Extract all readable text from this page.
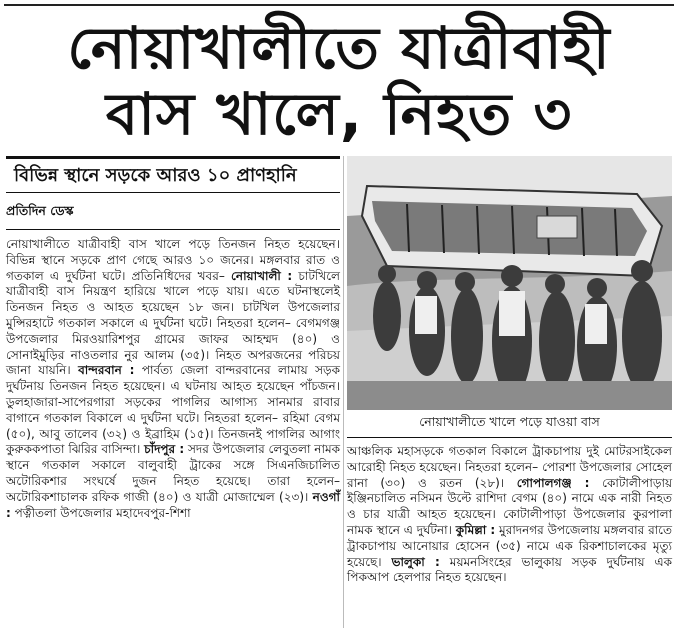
নোয়াখালীতে যাত্রীবাহী
বাস খালে, নিহত ৩
বিভিন্ন স্থানে সড়কে আরও ১০ প্রাণহানি
প্রতিদিন ডেস্ক
নোয়াখালীতে যাত্রীবাহী বাস খালে পড়ে তিনজন নিহত হয়েছেন। বিভিন্ন স্থানে সড়কে প্রাণ গেছে আরও ১০ জনের। মঙ্গলবার রাত ও গতকাল এ দুর্ঘটনা ঘটে। প্রতিনিধিদের খবর– নোয়াখালী : চাটখিলে যাত্রীবাহী বাস নিয়ন্ত্রণ হারিয়ে খালে পড়ে যায়। এতে ঘটনাস্থলেই তিনজন নিহত ও আহত হয়েছেন ১৮ জন। চাটখিল উপজেলার মুন্সিরহাটে গতকাল সকালে এ দুর্ঘটনা ঘটে। নিহতরা হলেন– বেগমগঞ্জ উপজেলার মিরওয়ারিশপুর গ্রামের জাফর আহম্মদ (৪০) ও সোনাইমুড়ির নাওতলার নুর আলম (৩৫)। নিহত অপরজনের পরিচয় জানা যায়নি। বান্দরবান : পার্বত্য জেলা বান্দরবানের লামায় সড়ক দুর্ঘটনায় তিনজন নিহত হয়েছেন। এ ঘটনায় আহত হয়েছেন পাঁচজন। ডুলহাজারা-সাপেরগারা সড়কের পাগলির আগাস্য সানমার রাবার বাগানে গতকাল বিকালে এ দুর্ঘটনা ঘটে। নিহতরা হলেন– রহিমা বেগম (৫০), আবু তালেব (৩২) ও ইব্রাহিম (১৫)। তিনজনই পাগলির আগাং কুরুককপাতা ঝিরির বাসিন্দা। চাঁদপুর : সদর উপজেলার লেবুতলা নামক স্থানে গতকাল সকালে বালুবাহী ট্রাকের সঙ্গে সিএনজিচালিত অটোরিকশার সংঘর্ষে দুজন নিহত হয়েছে। তারা হলেন– অটোরিকশাচালক রফিক গাজী (৪০) ও যাত্রী মোজাম্মেল (২৩)। নওগাঁ : পত্নীতলা উপজেলার মহাদেবপুর-শিশা
নোয়াখালীতে খালে পড়ে যাওয়া বাস
আঞ্চলিক মহাসড়কে গতকাল বিকালে ট্রাকচাপায় দুই মোটরসাইকেল আরোহী নিহত হয়েছেন। নিহতরা হলেন– পোরশা উপজেলার সোহেল রানা (৩০) ও রতন (২৮)। গোপালগঞ্জ : কোটালীপাড়ায় ইঞ্জিনচালিত নসিমন উল্টে রাশিদা বেগম (৪০) নামে এক নারী নিহত ও চার যাত্রী আহত হয়েছেন। কোটালীপাড়া উপজেলার কুরপালা নামক স্থানে এ দুর্ঘটনা। কুমিল্লা : মুরাদনগর উপজেলায় মঙ্গলবার রাতে ট্রাকচাপায় আনোয়ার হোসেন (৩৫) নামে এক রিকশাচালকের মৃত্যু হয়েছে। ভালুকা : ময়মনসিংহের ভালুকায় সড়ক দুর্ঘটনায় এক পিকআপ হেলপার নিহত হয়েছেন।
